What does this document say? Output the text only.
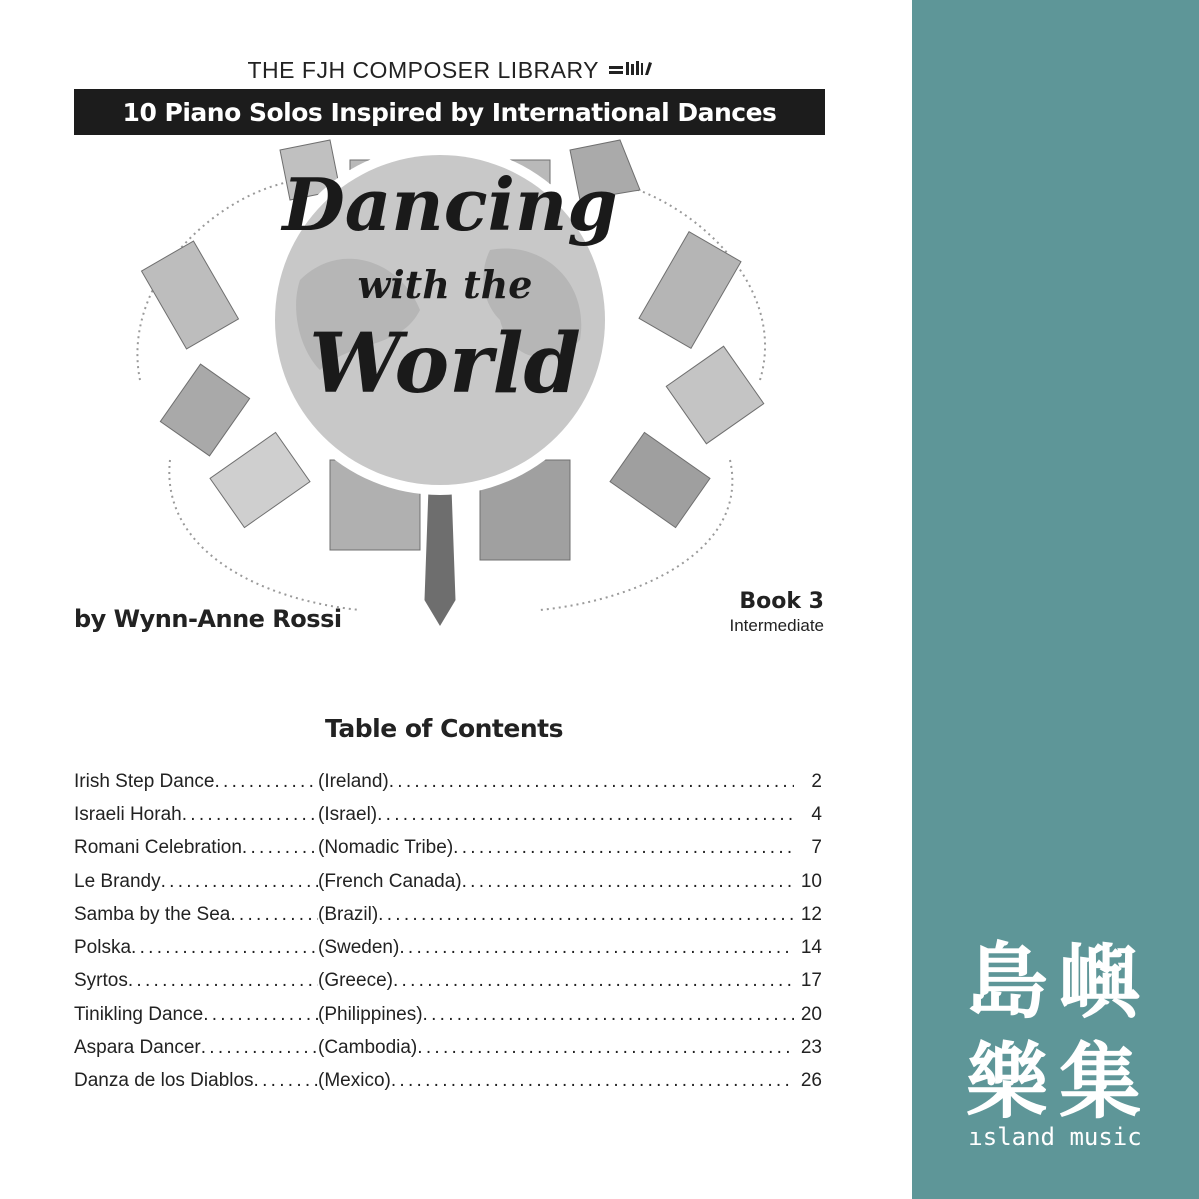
THE FJH COMPOSER LIBRARY
10 Piano Solos Inspired by International Dances
Dancing
with the
World
by Wynn-Anne Rossi
Book 3
Intermediate
Table of Contents
Irish Step Dance . . .	(Ireland) . . .	2
Israeli Horah . . .	(Israel) . . .	4
Romani Celebration . . .	(Nomadic Tribe) . . .	7
Le Brandy . . .	(French Canada) . . .	10
Samba by the Sea . . .	(Brazil) . . .	12
Polska . . .	(Sweden) . . .	14
Syrtos . . .	(Greece) . . .	17
Tinikling Dance . . .	(Philippines) . . .	20
Aspara Dancer . . .	(Cambodia) . . .	23
Danza de los Diablos . . .	(Mexico) . . .	26
島 嶼
樂 集
ısland music
